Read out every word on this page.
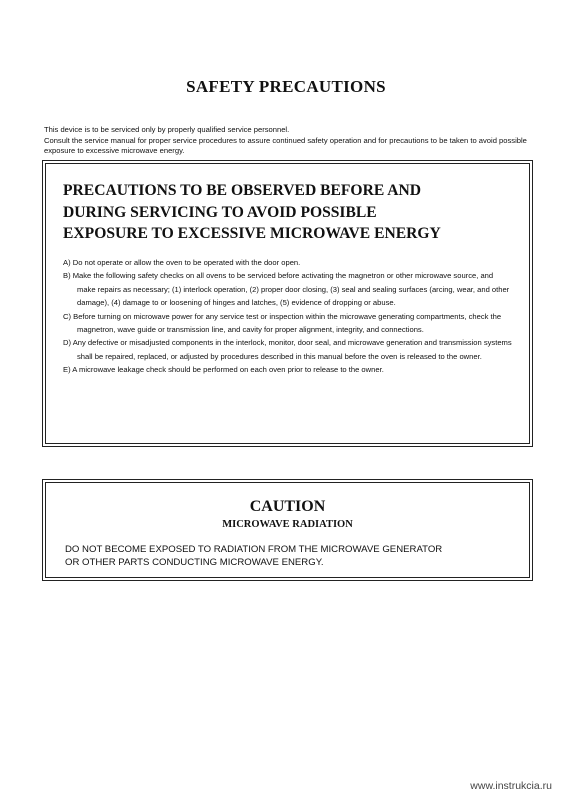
SAFETY PRECAUTIONS

This device is to be serviced only by properly qualified service personnel.

Consult the service manual for proper service procedures to assure continued safety operation and for precautions to be taken to avoid possible exposure to excessive microwave energy.

PRECAUTIONS TO BE OBSERVED BEFORE AND
DURING SERVICING TO AVOID POSSIBLE
EXPOSURE TO EXCESSIVE MICROWAVE ENERGY

A) Do not operate or allow the oven to be operated with the door open.

B) Make the following safety checks on all ovens to be serviced before activating the magnetron or other microwave source, and make repairs as necessary; (1) interlock operation, (2) proper door closing, (3) seal and sealing surfaces (arcing, wear, and other damage), (4) damage to or loosening of hinges and latches, (5) evidence of dropping or abuse.

C) Before turning on microwave power for any service test or inspection within the microwave generating compartments, check the magnetron, wave guide or transmission line, and cavity for proper alignment, integrity, and connections.

D) Any defective or misadjusted components in the interlock, monitor, door seal, and microwave generation and transmission systems shall be repaired, replaced, or adjusted by procedures described in this manual before the oven is released to the owner.

E) A microwave leakage check should be performed on each oven prior to release to the owner.

CAUTION
MICROWAVE RADIATION
DO NOT BECOME EXPOSED TO RADIATION FROM THE MICROWAVE GENERATOR
OR OTHER PARTS CONDUCTING MICROWAVE ENERGY.
www.instrukcia.ru
